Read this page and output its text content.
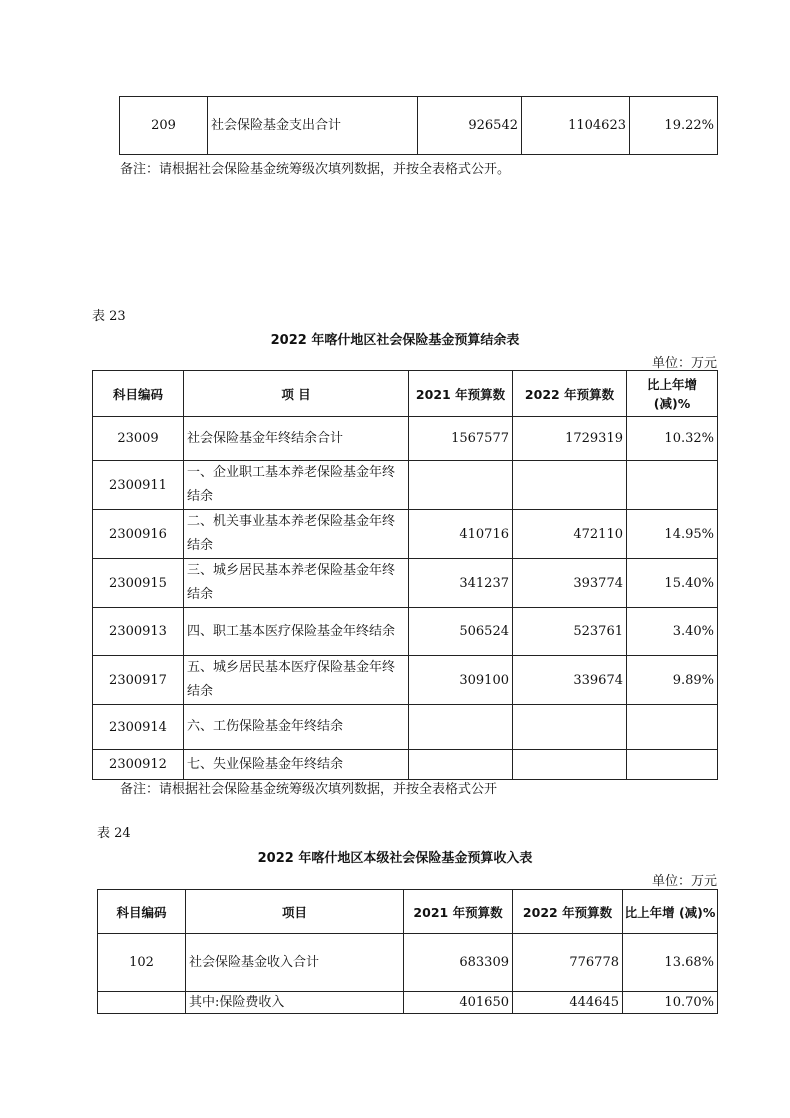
209	社会保险基金支出合计	926542	1104623	19.22%
备注：请根据社会保险基金统筹级次填列数据，并按全表格式公开。
表 23
2022 年喀什地区社会保险基金预算结余表
单位：万元
科目编码	项 目	2021 年预算数	2022 年预算数	比上年增
(减)%

23009	社会保险基金年终结余合计	1567577	1729319	10.32%
2300911	一、企业职工基本养老保险基金年终结余			
2300916	二、机关事业基本养老保险基金年终结余	410716	472110	14.95%
2300915	三、城乡居民基本养老保险基金年终结余	341237	393774	15.40%
2300913	四、职工基本医疗保险基金年终结余	506524	523761	3.40%
2300917	五、城乡居民基本医疗保险基金年终结余	309100	339674	9.89%
2300914	六、工伤保险基金年终结余			
2300912	七、失业保险基金年终结余			
备注：请根据社会保险基金统筹级次填列数据，并按全表格式公开
表 24
2022 年喀什地区本级社会保险基金预算收入表
单位：万元
科目编码	项目	2021 年预算数	2022 年预算数	比上年增 (减)%
102	社会保险基金收入合计	683309	776778	13.68%
	其中:保险费收入	401650	444645	10.70%
